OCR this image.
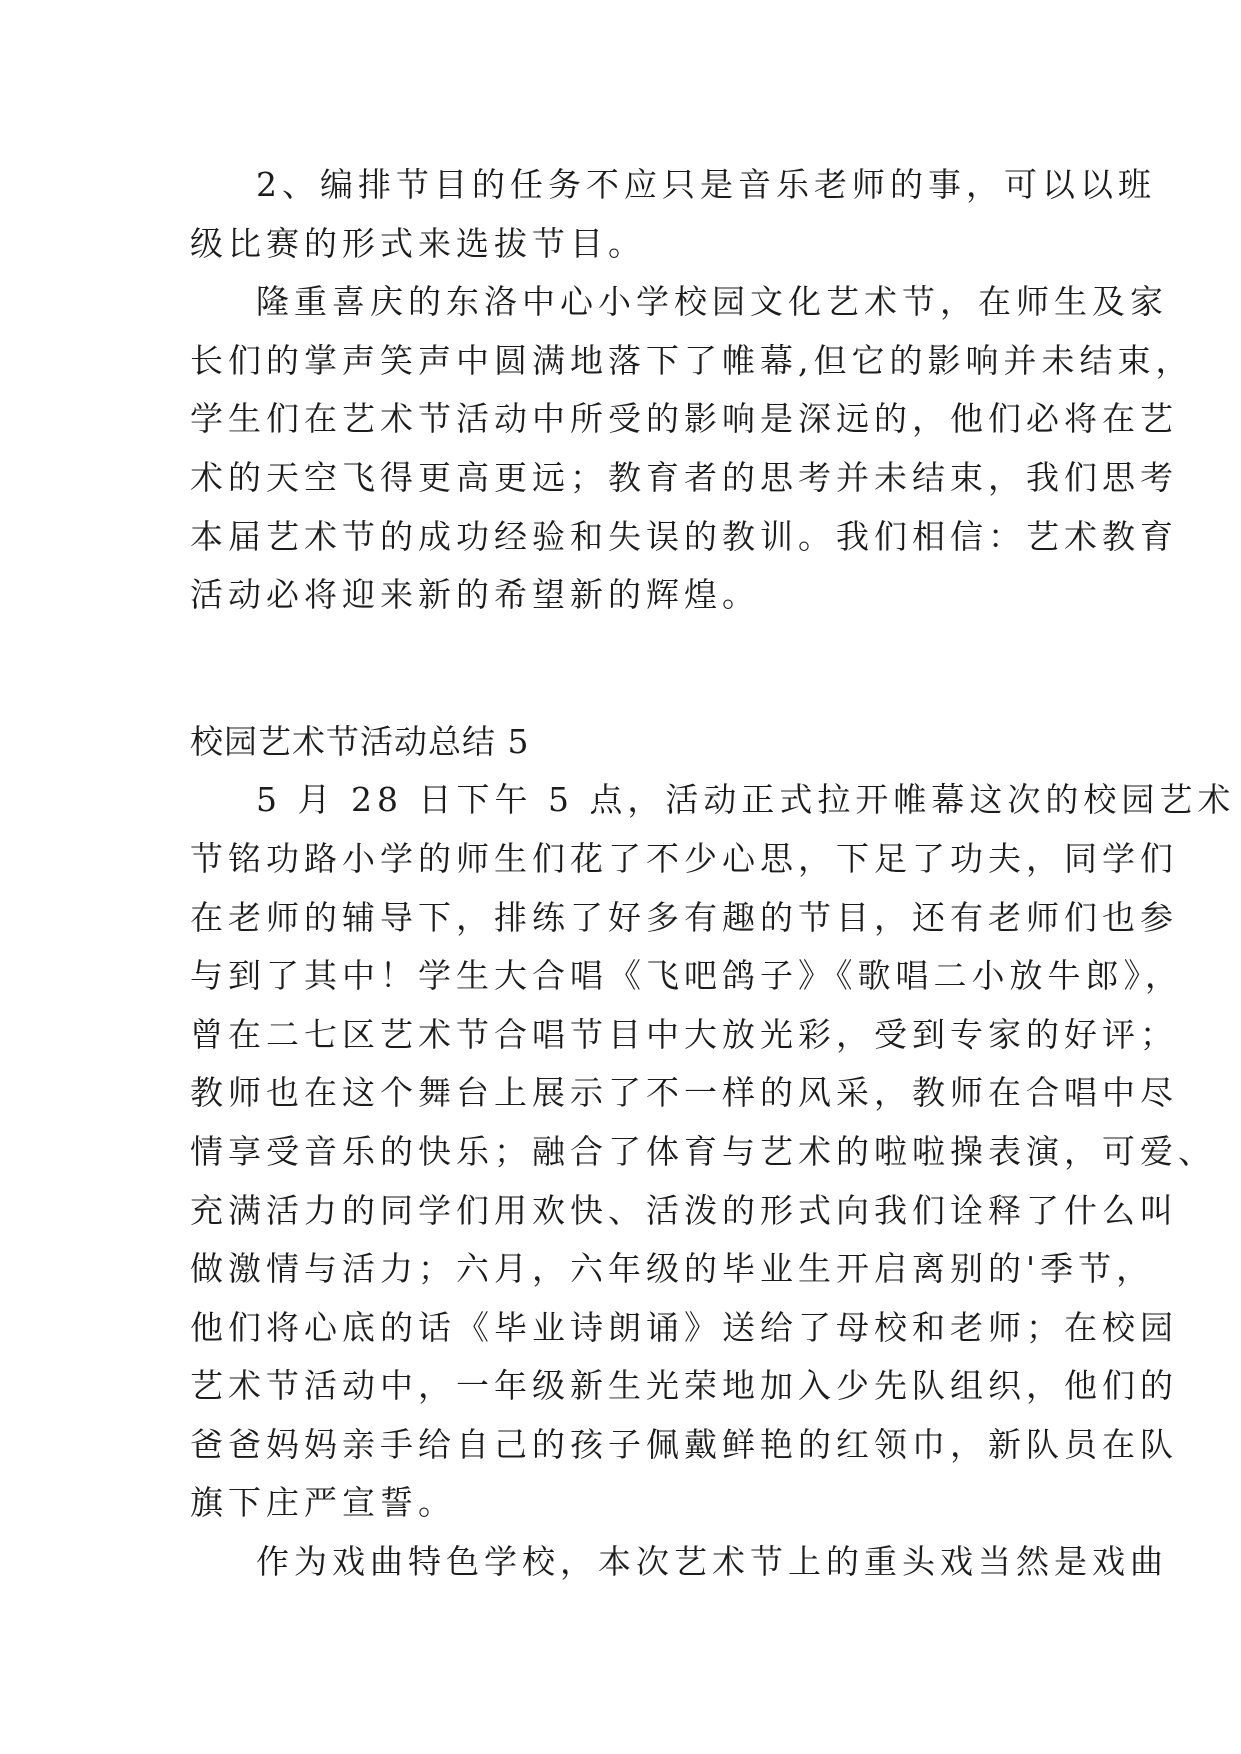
2、编排节目的任务不应只是音乐老师的事，可以以班
级比赛的形式来选拔节目。
隆重喜庆的东洛中心小学校园文化艺术节，在师生及家
长们的掌声笑声中圆满地落下了帷幕,但它的影响并未结束，
学生们在艺术节活动中所受的影响是深远的，他们必将在艺
术的天空飞得更高更远；教育者的思考并未结束，我们思考
本届艺术节的成功经验和失误的教训。我们相信：艺术教育
活动必将迎来新的希望新的辉煌。
校园艺术节活动总结 5
5 月 28 日下午 5 点，活动正式拉开帷幕这次的校园艺术
节铭功路小学的师生们花了不少心思，下足了功夫，同学们
在老师的辅导下，排练了好多有趣的节目，还有老师们也参
与到了其中！学生大合唱《飞吧鸽子》《歌唱二小放牛郎》，
曾在二七区艺术节合唱节目中大放光彩，受到专家的好评；
教师也在这个舞台上展示了不一样的风采，教师在合唱中尽
情享受音乐的快乐；融合了体育与艺术的啦啦操表演，可爱、
充满活力的同学们用欢快、活泼的形式向我们诠释了什么叫
做激情与活力；六月，六年级的毕业生开启离别的'季节，
他们将心底的话《毕业诗朗诵》送给了母校和老师；在校园
艺术节活动中，一年级新生光荣地加入少先队组织，他们的
爸爸妈妈亲手给自己的孩子佩戴鲜艳的红领巾，新队员在队
旗下庄严宣誓。
作为戏曲特色学校，本次艺术节上的重头戏当然是戏曲
